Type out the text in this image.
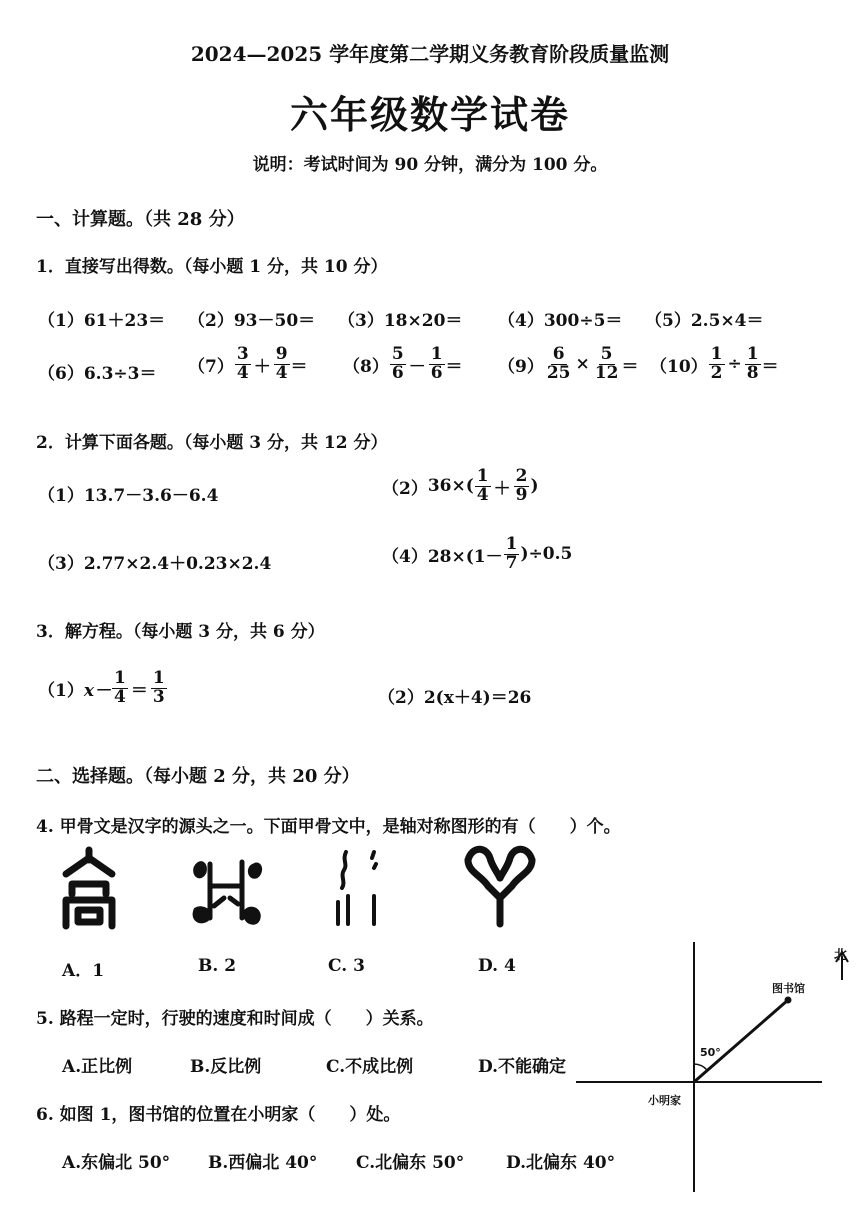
2024—2025 学年度第二学期义务教育阶段质量监测
六年级数学试卷
说明：考试时间为 90 分钟，满分为 100 分。
一、计算题。（共 28 分）
1．直接写出得数。（每小题 1 分，共 10 分）
（1） 61＋23＝ （2） 93－50＝ （3） 18×20＝ （4） 300÷5＝ （5） 2.5×4＝
（6） $6.3\div 3= (7) \frac{3}{4} + \frac{9}{4} = (8) \frac{5}{6} - \frac{1}{6} = (9) \frac{6}{25} \times \frac{5}{12} = (10) \frac{1}{2} \div \frac{1}{8}$ ＝
2．计算下面各题。（每小题 3 分，共 12 分）
（1） 13.7－3.6－6.4	（2） $36\times( \frac{1}{4} + \frac{2}{9}$ )
（3） 2.77×2.4＋0.23×2.4	（4） $28\times(1- \frac{1}{7} )\div 0.5$
3．解方程。（每小题 3 分，共 6 分）
（1） $x- \frac{1}{4} = \frac{1}{3}$	（2） 2(x＋4)＝26
二、选择题。（每小题 2 分，共 20 分）
4. 甲骨文是汉字的源头之一。下面甲骨文中，是轴对称图形的有（　　）个。
A．1	B. 2	C. 3	D. 4
5. 路程一定时，行驶的速度和时间成（　　）关系。
A.正比例	B.反比例	C.不成比例	D.不能确定
6. 如图 1，图书馆的位置在小明家（　　）处。
A.东偏北 50° B.西偏北 40° C.北偏东 50° D.北偏东 40°
北
图书馆
50°
小明家
